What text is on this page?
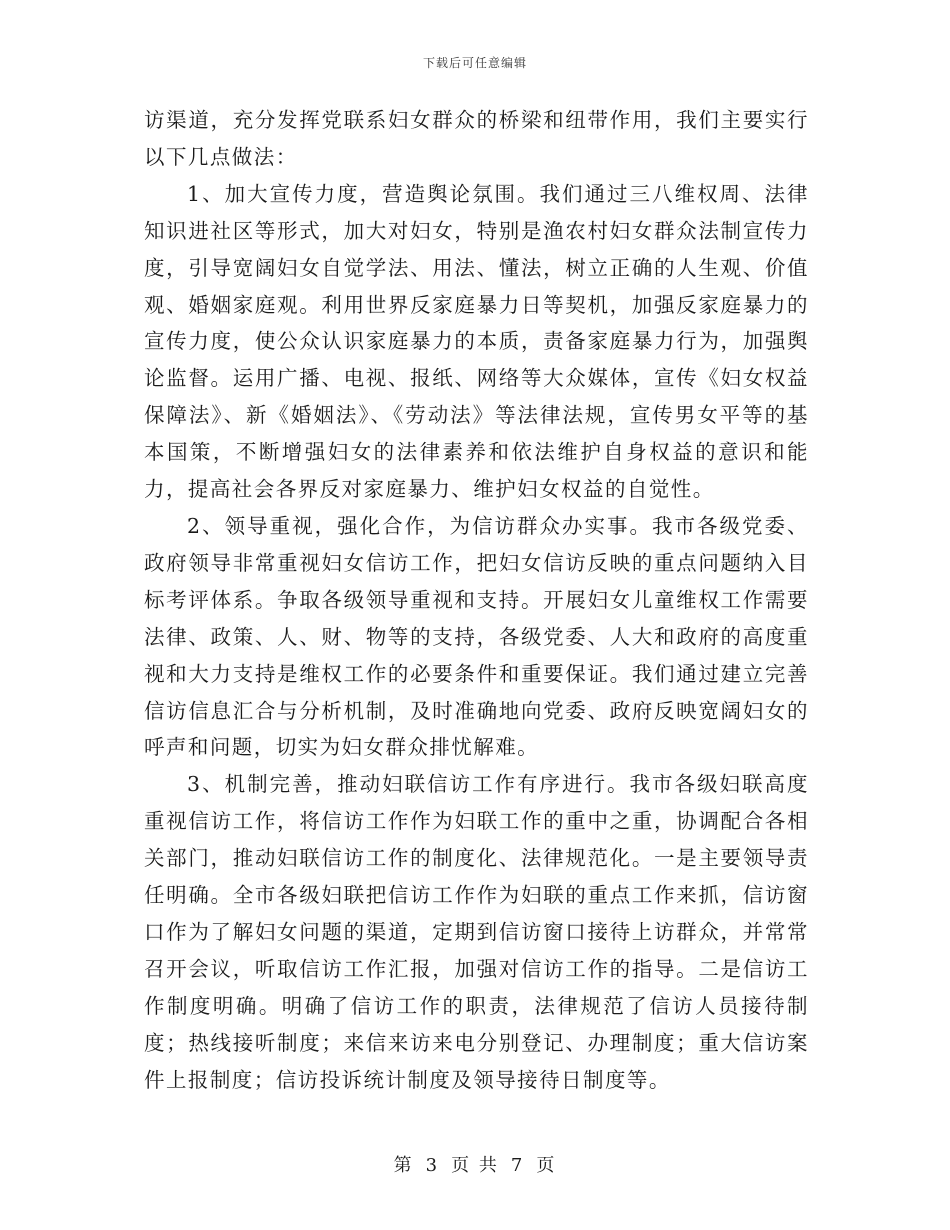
下载后可任意编辑

访渠道，充分发挥党联系妇女群众的桥梁和纽带作用，我们主要实行以下几点做法：

1、加大宣传力度，营造舆论氛围。我们通过三八维权周、法律知识进社区等形式，加大对妇女，特别是渔农村妇女群众法制宣传力度，引导宽阔妇女自觉学法、用法、懂法，树立正确的人生观、价值观、婚姻家庭观。利用世界反家庭暴力日等契机，加强反家庭暴力的宣传力度，使公众认识家庭暴力的本质，责备家庭暴力行为，加强舆论监督。运用广播、电视、报纸、网络等大众媒体，宣传《妇女权益保障法》、新《婚姻法》、《劳动法》等法律法规，宣传男女平等的基本国策，不断增强妇女的法律素养和依法维护自身权益的意识和能力，提高社会各界反对家庭暴力、维护妇女权益的自觉性。

2、领导重视，强化合作，为信访群众办实事。我市各级党委、政府领导非常重视妇女信访工作，把妇女信访反映的重点问题纳入目标考评体系。争取各级领导重视和支持。开展妇女儿童维权工作需要法律、政策、人、财、物等的支持，各级党委、人大和政府的高度重视和大力支持是维权工作的必要条件和重要保证。我们通过建立完善信访信息汇合与分析机制，及时准确地向党委、政府反映宽阔妇女的呼声和问题，切实为妇女群众排忧解难。

3、机制完善，推动妇联信访工作有序进行。我市各级妇联高度重视信访工作，将信访工作作为妇联工作的重中之重，协调配合各相关部门，推动妇联信访工作的制度化、法律规范化。一是主要领导责任明确。全市各级妇联把信访工作作为妇联的重点工作来抓，信访窗口作为了解妇女问题的渠道，定期到信访窗口接待上访群众，并常常召开会议，听取信访工作汇报，加强对信访工作的指导。二是信访工作制度明确。明确了信访工作的职责，法律规范了信访人员接待制度；热线接听制度；来信来访来电分别登记、办理制度；重大信访案件上报制度；信访投诉统计制度及领导接待日制度等。

第 3 页 共 7 页
